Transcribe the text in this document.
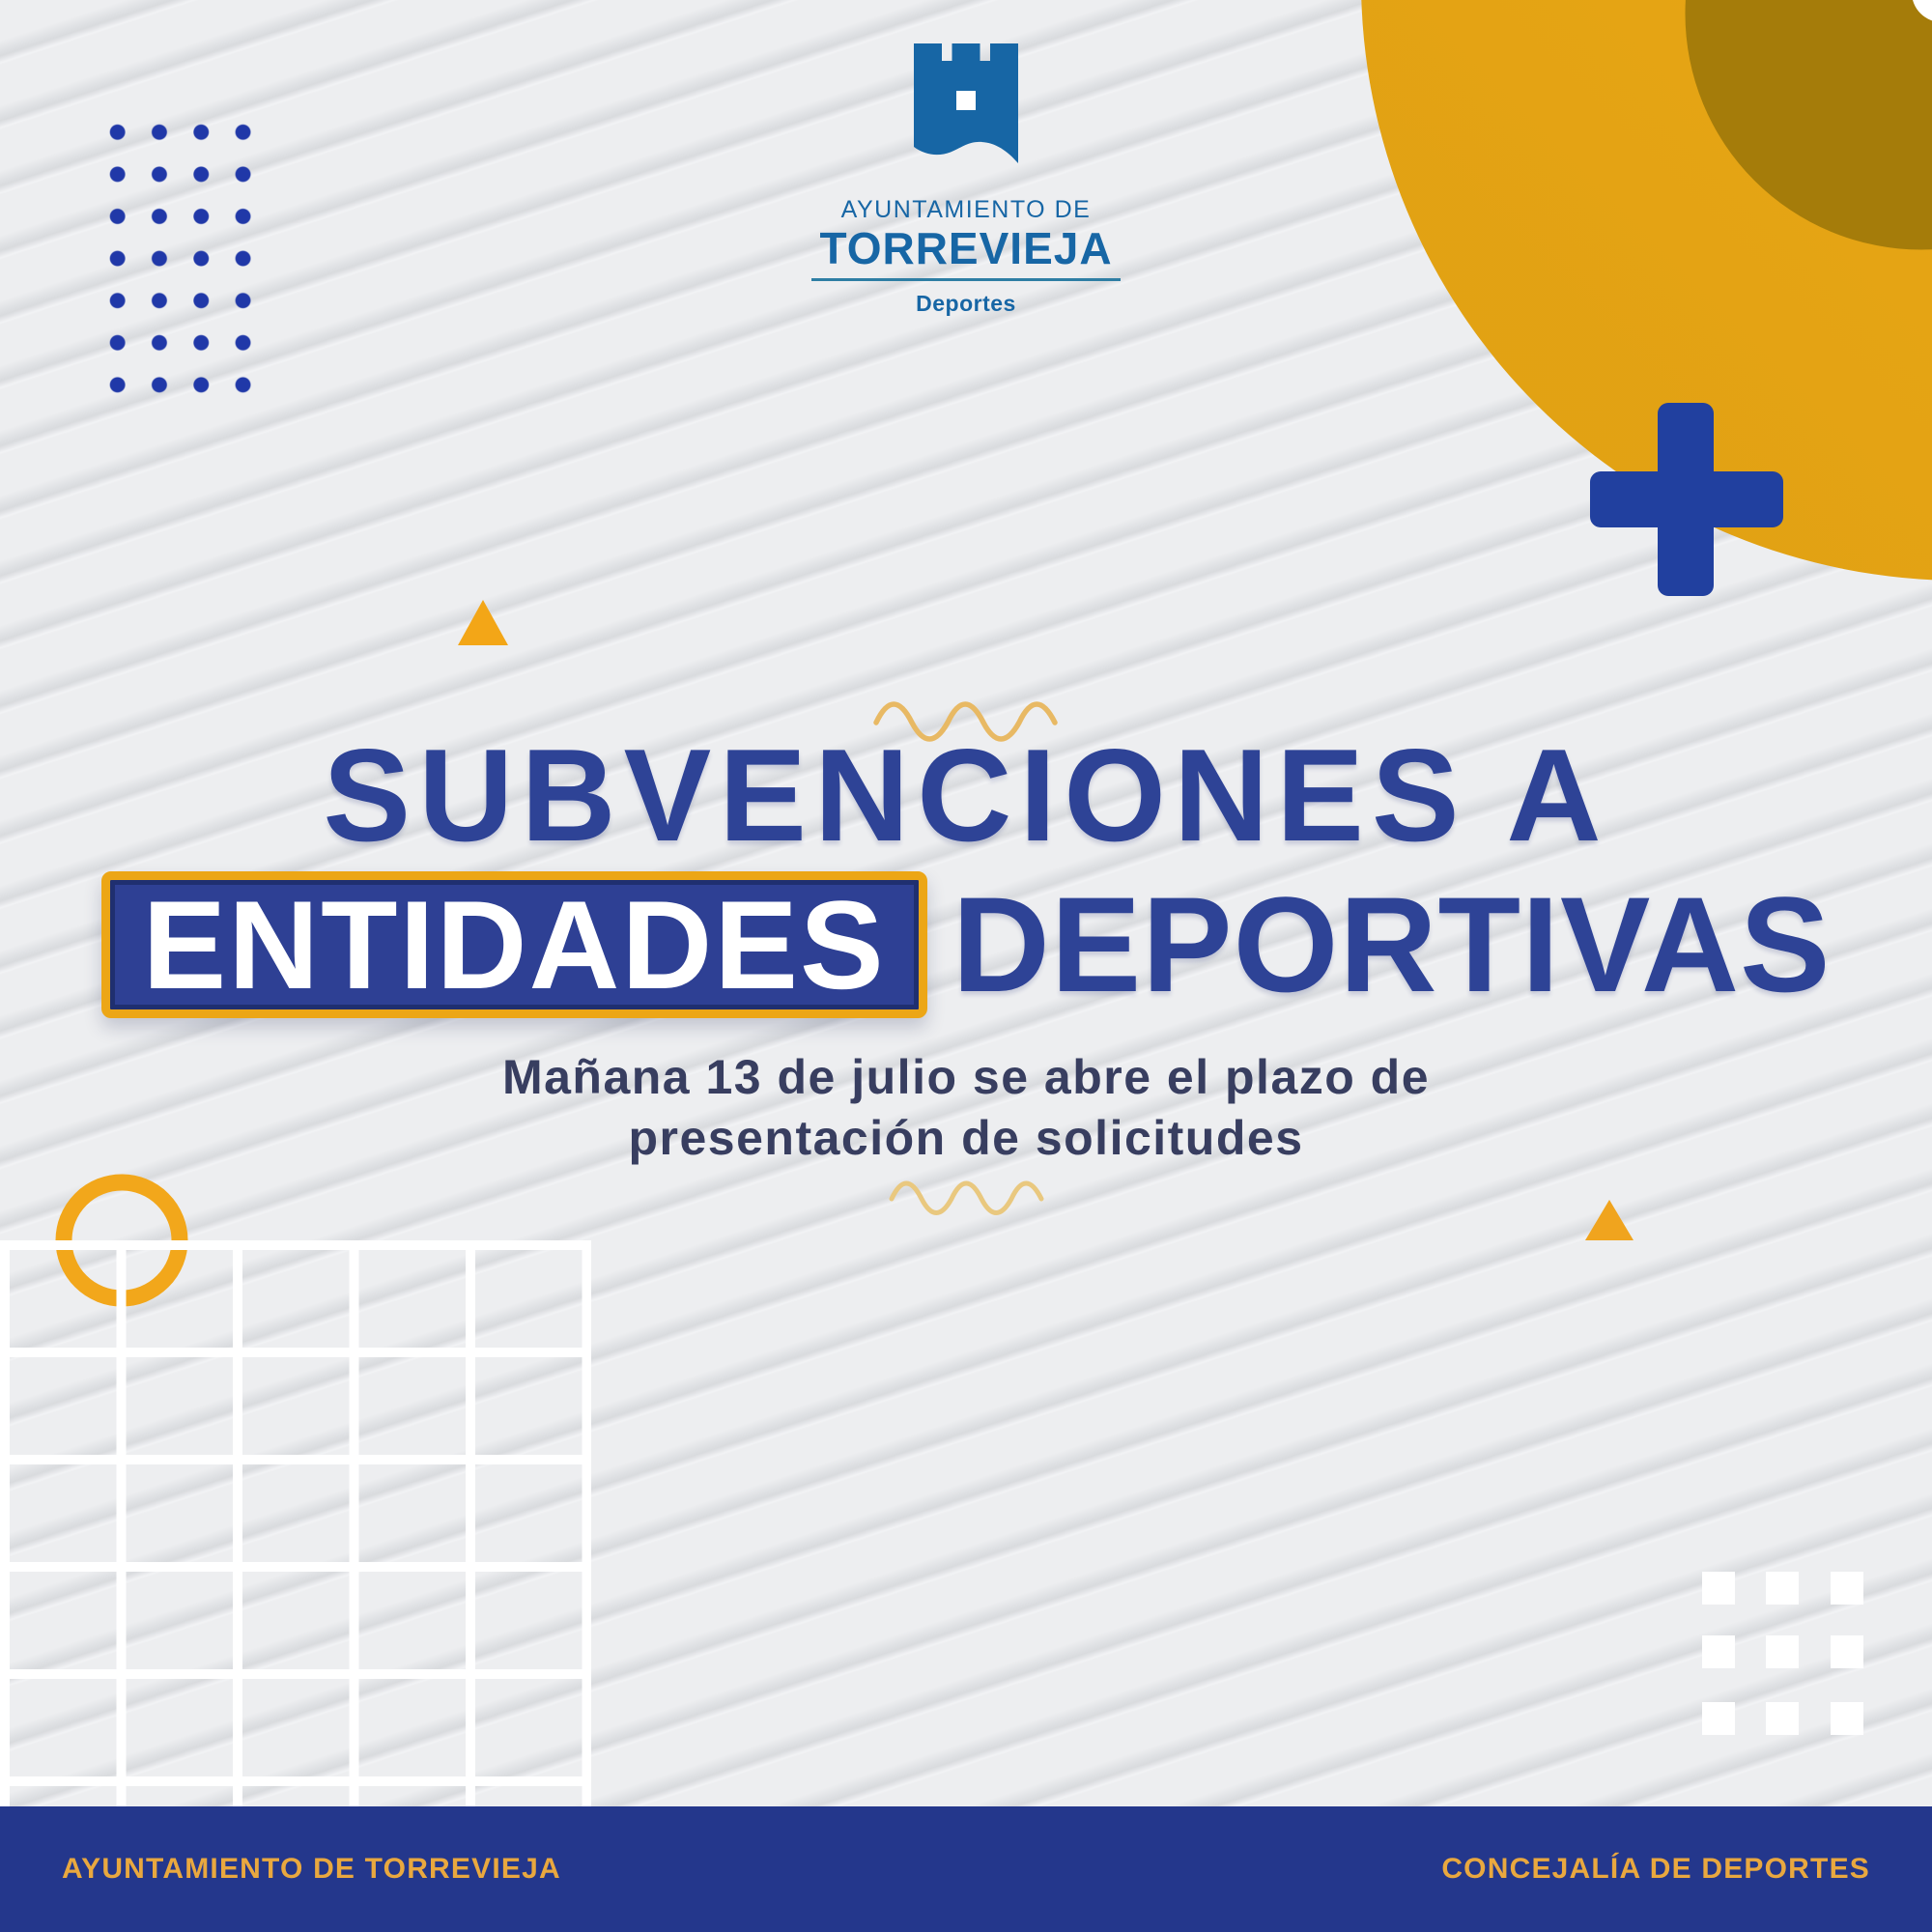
AYUNTAMIENTO DE
TORREVIEJA
Deportes
SUBVENCIONES A
ENTIDADES DEPORTIVAS

Mañana 13 de julio se abre el plazo de
presentación de solicitudes

AYUNTAMIENTO DE TORREVIEJA	CONCEJALÍA DE DEPORTES
